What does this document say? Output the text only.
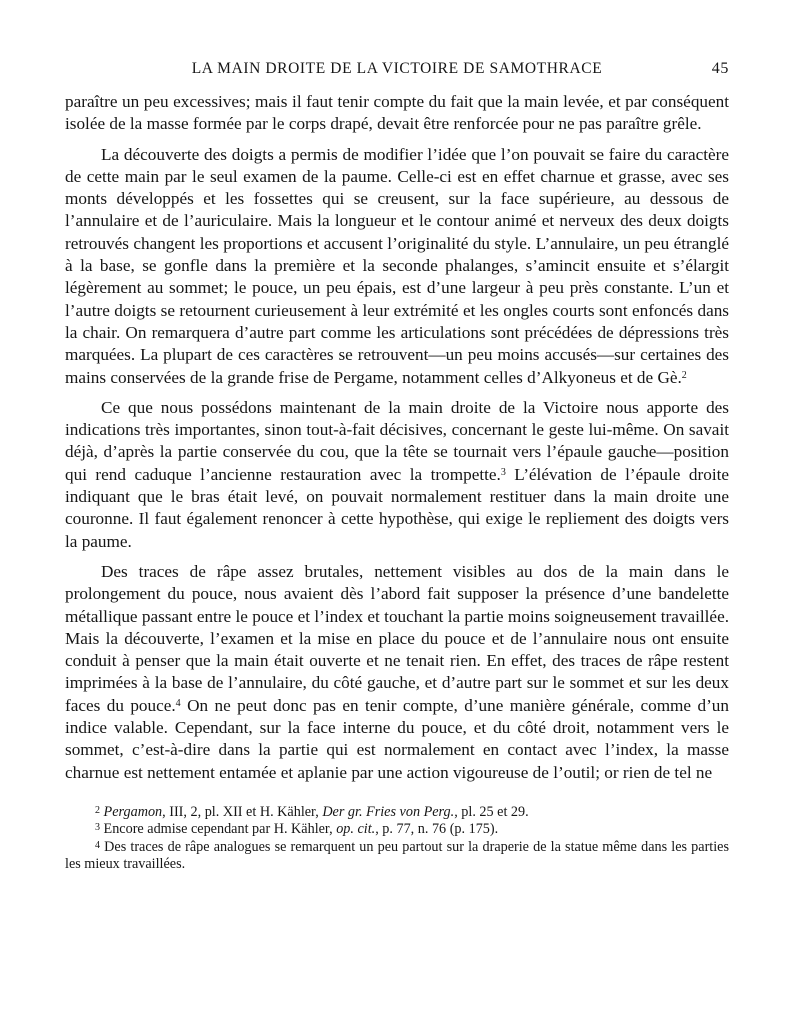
LA MAIN DROITE DE LA VICTOIRE DE SAMOTHRACE	45

paraître un peu excessives; mais il faut tenir compte du fait que la main levée, et par conséquent isolée de la masse formée par le corps drapé, devait être renforcée pour ne pas paraître grêle.

La découverte des doigts a permis de modifier l’idée que l’on pouvait se faire du caractère de cette main par le seul examen de la paume. Celle-ci est en effet charnue et grasse, avec ses monts développés et les fossettes qui se creusent, sur la face supérieure, au dessous de l’annulaire et de l’auriculaire. Mais la longueur et le contour animé et nerveux des deux doigts retrouvés changent les proportions et accusent l’originalité du style. L’annulaire, un peu étranglé à la base, se gonfle dans la première et la seconde phalanges, s’amincit ensuite et s’élargit légèrement au sommet; le pouce, un peu épais, est d’une largeur à peu près constante. L’un et l’autre doigts se retournent curieusement à leur extrémité et les ongles courts sont enfoncés dans la chair. On remarquera d’autre part comme les articulations sont précédées de dépressions très marquées. La plupart de ces caractères se retrouvent—un peu moins accusés—sur certaines des mains conservées de la grande frise de Pergame, notamment celles d’Alkyoneus et de Gè.$^2$

Ce que nous possédons maintenant de la main droite de la Victoire nous apporte des indications très importantes, sinon tout-à-fait décisives, concernant le geste lui-même. On savait déjà, d’après la partie conservée du cou, que la tête se tournait vers l’épaule gauche—position qui rend caduque l’ancienne restauration avec la trompette.$^3$ L’élévation de l’épaule droite indiquant que le bras était levé, on pouvait normalement restituer dans la main droite une couronne. Il faut également renoncer à cette hypothèse, qui exige le repliement des doigts vers la paume.

Des traces de râpe assez brutales, nettement visibles au dos de la main dans le prolongement du pouce, nous avaient dès l’abord fait supposer la présence d’une bandelette métallique passant entre le pouce et l’index et touchant la partie moins soigneusement travaillée. Mais la découverte, l’examen et la mise en place du pouce et de l’annulaire nous ont ensuite conduit à penser que la main était ouverte et ne tenait rien. En effet, des traces de râpe restent imprimées à la base de l’annulaire, du côté gauche, et d’autre part sur le sommet et sur les deux faces du pouce.$^4$ On ne peut donc pas en tenir compte, d’une manière générale, comme d’un indice valable. Cependant, sur la face interne du pouce, et du côté droit, notamment vers le sommet, c’est-à-dire dans la partie qui est normalement en contact avec l’index, la masse charnue est nettement entamée et aplanie par une action vigoureuse de l’outil; or rien de tel ne

$^2$ Pergamon, III, 2, pl. XII et H. Kähler, Der gr. Fries von Perg., pl. 25 et 29.

$^3$ Encore admise cependant par H. Kähler, op. cit., p. 77, n. 76 (p. 175).

$^4$ Des traces de râpe analogues se remarquent un peu partout sur la draperie de la statue même dans les parties les mieux travaillées.
